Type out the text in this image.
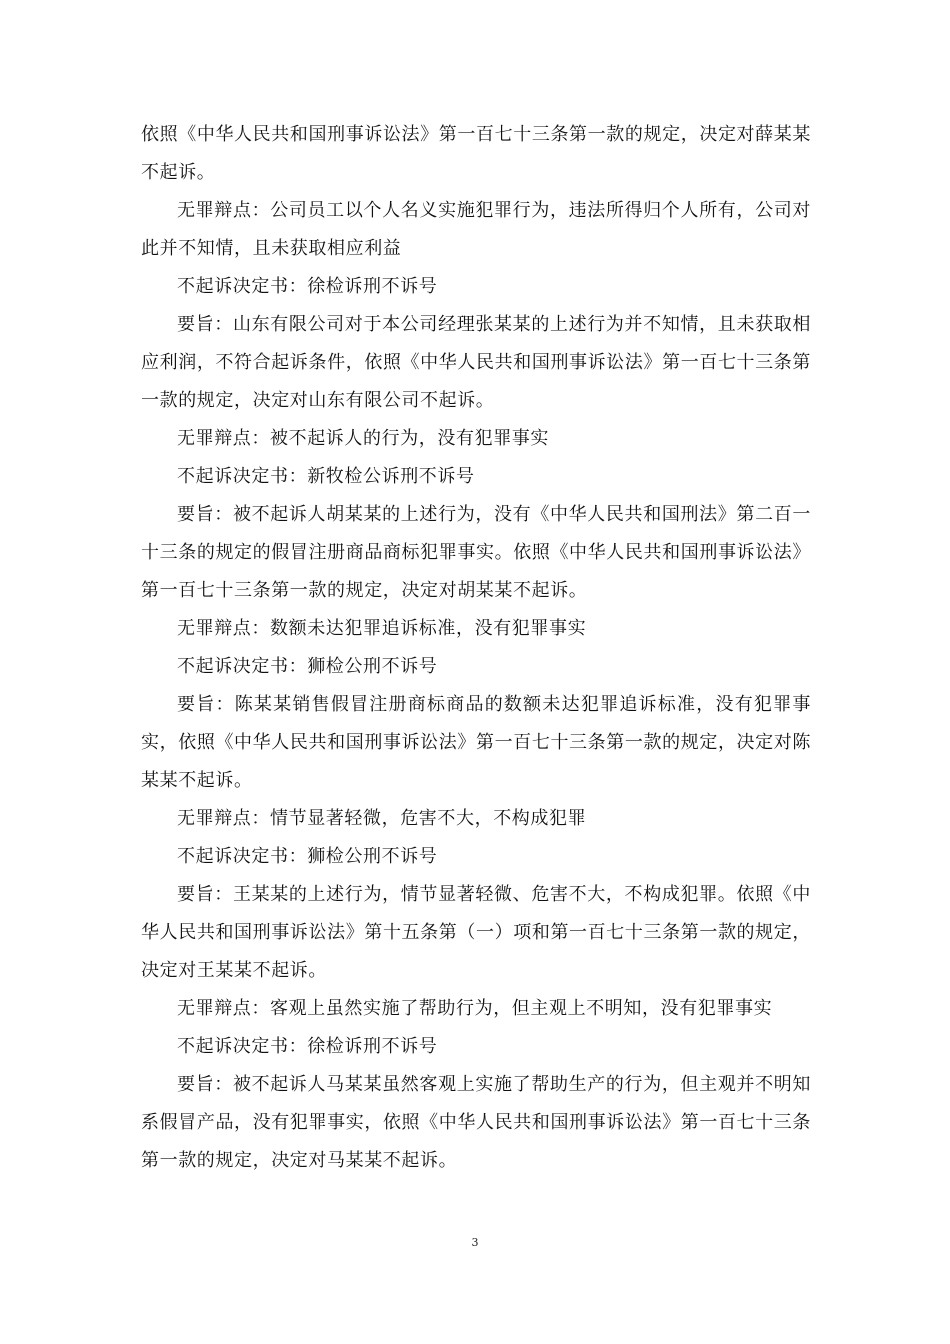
依照《中华人民共和国刑事诉讼法》第一百七十三条第一款的规定，决定对薛某某不起诉。

无罪辩点：公司员工以个人名义实施犯罪行为，违法所得归个人所有，公司对此并不知情，且未获取相应利益

不起诉决定书：徐检诉刑不诉号

要旨：山东有限公司对于本公司经理张某某的上述行为并不知情，且未获取相应利润，不符合起诉条件，依照《中华人民共和国刑事诉讼法》第一百七十三条第一款的规定，决定对山东有限公司不起诉。

无罪辩点：被不起诉人的行为，没有犯罪事实

不起诉决定书：新牧检公诉刑不诉号

要旨：被不起诉人胡某某的上述行为，没有《中华人民共和国刑法》第二百一十三条的规定的假冒注册商品商标犯罪事实。依照《中华人民共和国刑事诉讼法》第一百七十三条第一款的规定，决定对胡某某不起诉。

无罪辩点：数额未达犯罪追诉标准，没有犯罪事实

不起诉决定书：狮检公刑不诉号

要旨：陈某某销售假冒注册商标商品的数额未达犯罪追诉标准，没有犯罪事实，依照《中华人民共和国刑事诉讼法》第一百七十三条第一款的规定，决定对陈某某不起诉。

无罪辩点：情节显著轻微，危害不大，不构成犯罪

不起诉决定书：狮检公刑不诉号

要旨：王某某的上述行为，情节显著轻微、危害不大，不构成犯罪。依照《中华人民共和国刑事诉讼法》第十五条第（一）项和第一百七十三条第一款的规定，决定对王某某不起诉。

无罪辩点：客观上虽然实施了帮助行为，但主观上不明知，没有犯罪事实

不起诉决定书：徐检诉刑不诉号

要旨：被不起诉人马某某虽然客观上实施了帮助生产的行为，但主观并不明知系假冒产品，没有犯罪事实，依照《中华人民共和国刑事诉讼法》第一百七十三条第一款的规定，决定对马某某不起诉。

3
